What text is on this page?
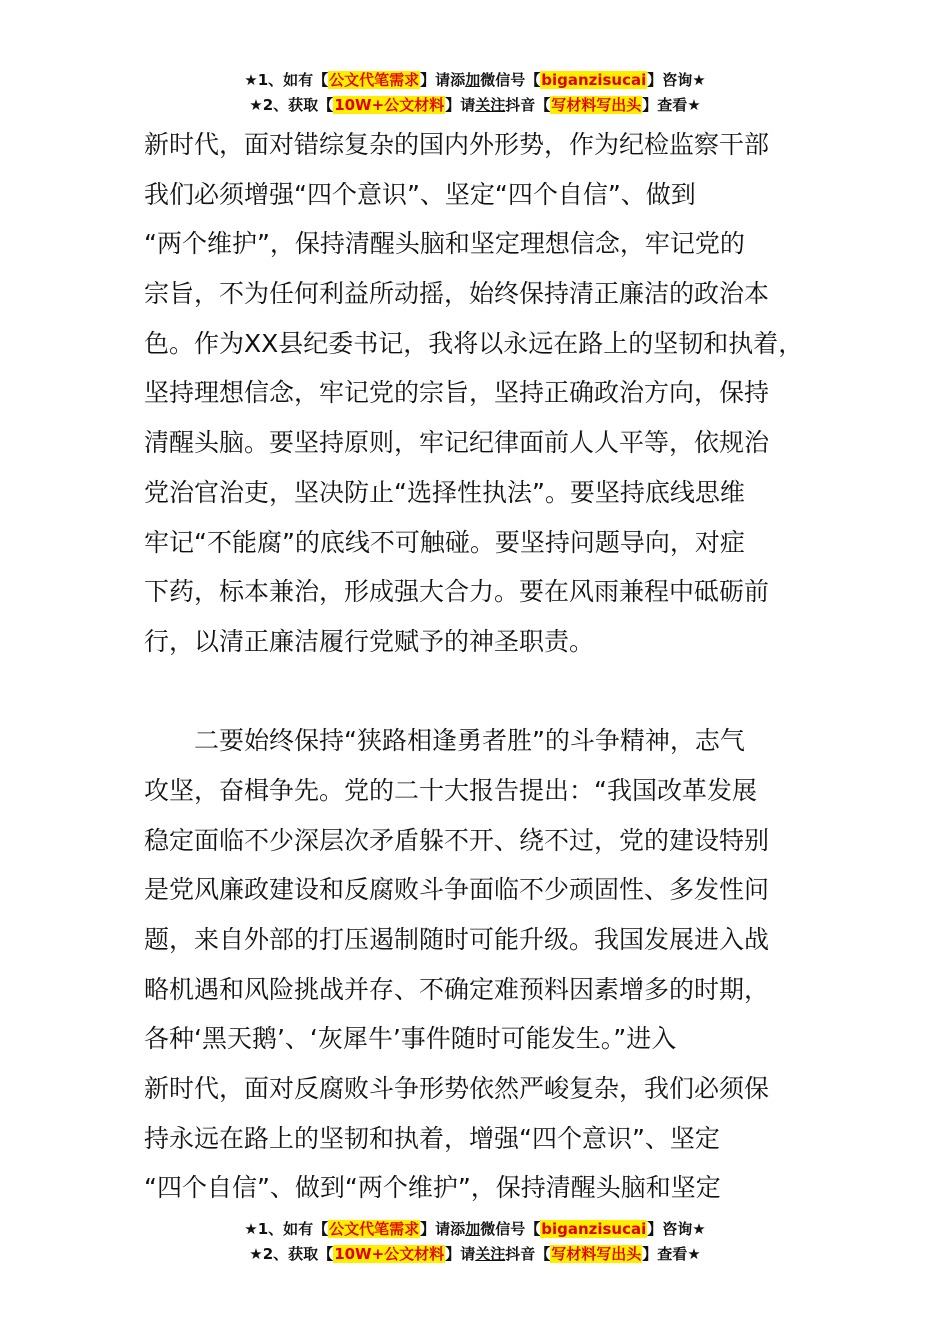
★1、如有【公文代笔需求】请添加微信号【biganzisucai】咨询★
★2、获取【10W+公文材料】请关注抖音【写材料写出头】查看★
新时代，面对错综复杂的国内外形势，作为纪检监察干部
我们必须增强“四个意识”、坚定“四个自信”、做到
“两个维护”，保持清醒头脑和坚定理想信念，牢记党的
宗旨，不为任何利益所动摇，始终保持清正廉洁的政治本
色。作为XX县纪委书记，我将以永远在路上的坚韧和执着，
坚持理想信念，牢记党的宗旨，坚持正确政治方向，保持
清醒头脑。要坚持原则，牢记纪律面前人人平等，依规治
党治官治吏，坚决防止“选择性执法”。要坚持底线思维
牢记“不能腐”的底线不可触碰。要坚持问题导向，对症
下药，标本兼治，形成强大合力。要在风雨兼程中砥砺前
行，以清正廉洁履行党赋予的神圣职责。
　　二要始终保持“狭路相逢勇者胜”的斗争精神，志气
攻坚，奋楫争先。党的二十大报告提出：“我国改革发展
稳定面临不少深层次矛盾躲不开、绕不过，党的建设特别
是党风廉政建设和反腐败斗争面临不少顽固性、多发性问
题，来自外部的打压遏制随时可能升级。我国发展进入战
略机遇和风险挑战并存、不确定难预料因素增多的时期，
各种‘黑天鹅’、‘灰犀牛’事件随时可能发生。”进入
新时代，面对反腐败斗争形势依然严峻复杂，我们必须保
持永远在路上的坚韧和执着，增强“四个意识”、坚定
“四个自信”、做到“两个维护”，保持清醒头脑和坚定
★1、如有【公文代笔需求】请添加微信号【biganzisucai】咨询★
★2、获取【10W+公文材料】请关注抖音【写材料写出头】查看★
